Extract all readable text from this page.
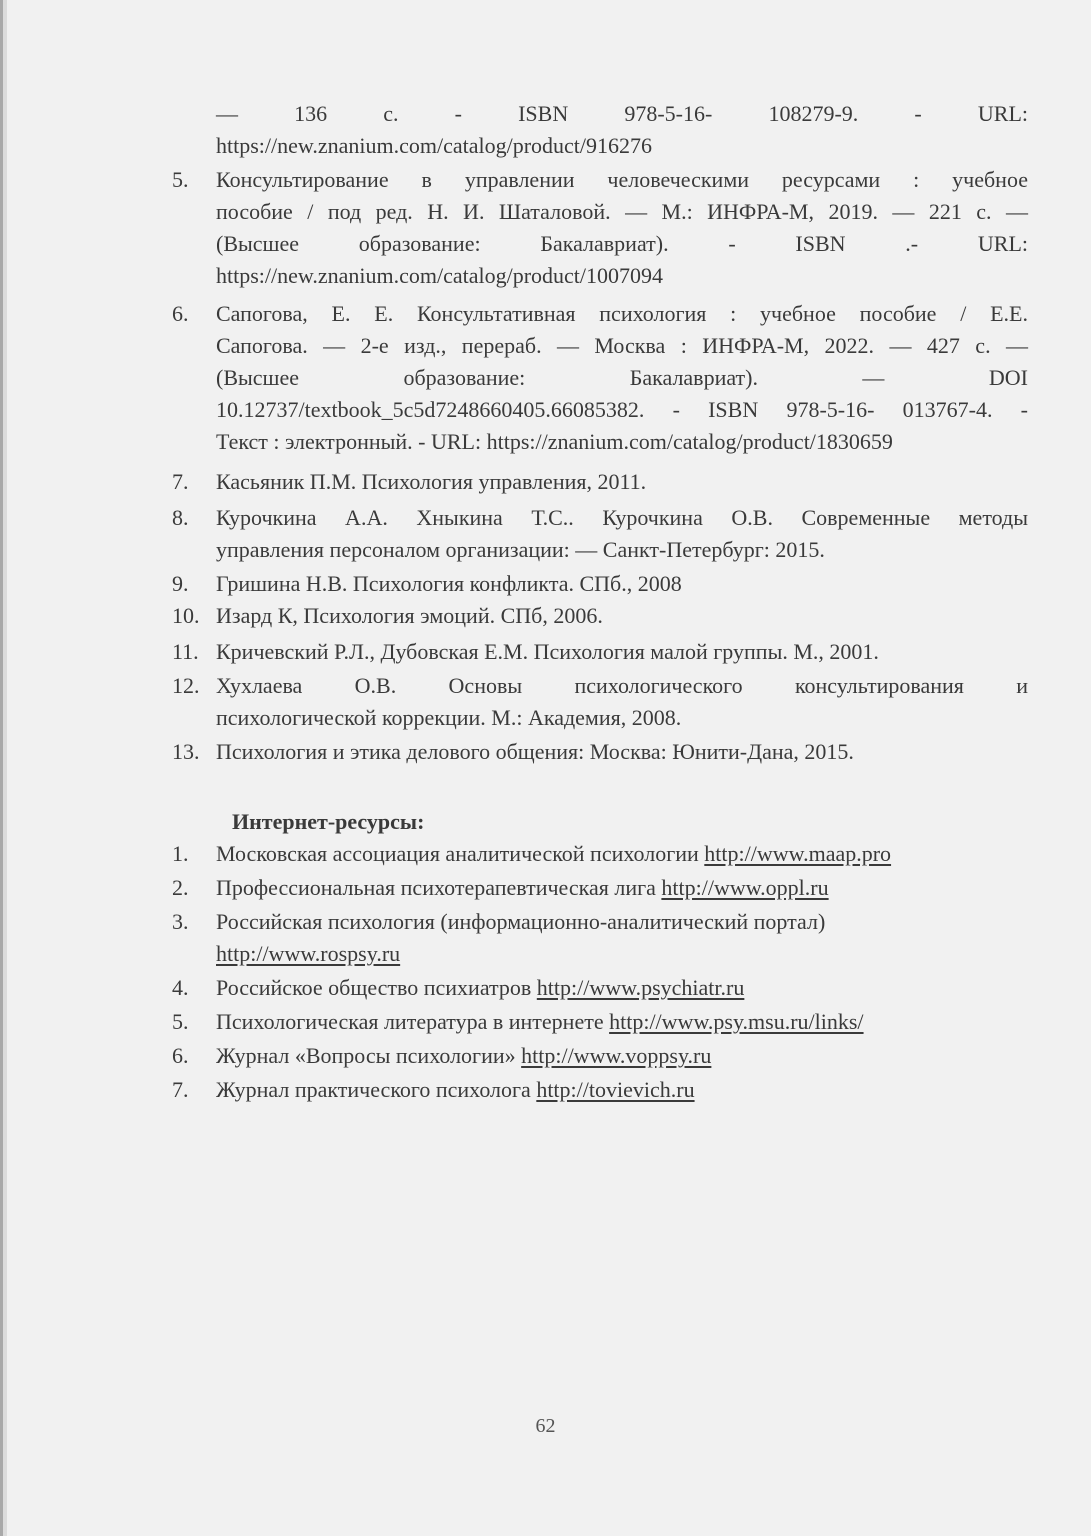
— 136 с. - ISBN 978-5-16- 108279-9. - URL:
https://new.znanium.com/catalog/product/916276
5.	Консультирование в управлении человеческими ресурсами : учебное
пособие / под ред. Н. И. Шаталовой. — М.: ИНФРА-М, 2019. — 221 с. —
(Высшее образование: Бакалавриат). - ISBN .- URL:
https://new.znanium.com/catalog/product/1007094
6.	Сапогова, Е. Е. Консультативная психология : учебное пособие / Е.Е.
Сапогова. — 2-е изд., перераб. — Москва : ИНФРА-М, 2022. — 427 с. —
(Высшее образование: Бакалавриат). — DOI
10.12737/textbook_5c5d7248660405.66085382. - ISBN 978-5-16- 013767-4. -
Текст : электронный. - URL: https://znanium.com/catalog/product/1830659
7.	Касьяник П.М. Психология управления, 2011.
8.	Курочкина А.А. Хныкина Т.С.. Курочкина О.В. Современные методы
управления персоналом организации: — Санкт-Петербург: 2015.
9.	Гришина Н.В. Психология конфликта. СПб., 2008
10. Изард К, Психология эмоций. СПб, 2006.
11. Кричевский Р.Л., Дубовская Е.М. Психология малой группы. М., 2001.
12. Хухлаева О.В. Основы психологического консультирования и
психологической коррекции. М.: Академия, 2008.
13. Психология и этика делового общения: Москва: Юнити-Дана, 2015.
Интернет-ресурсы:
1.	Московская ассоциация аналитической психологии http://www.maap.pro
2.	Профессиональная психотерапевтическая лига http://www.oppl.ru
3.	Российская психология (информационно-аналитический портал)
http://www.rospsy.ru
4.	Российское общество психиатров http://www.psychiatr.ru
5.	Психологическая литература в интернете http://www.psy.msu.ru/links/
6.	Журнал «Вопросы психологии» http://www.voppsy.ru
7.	Журнал практического психолога http://tovievich.ru
62
